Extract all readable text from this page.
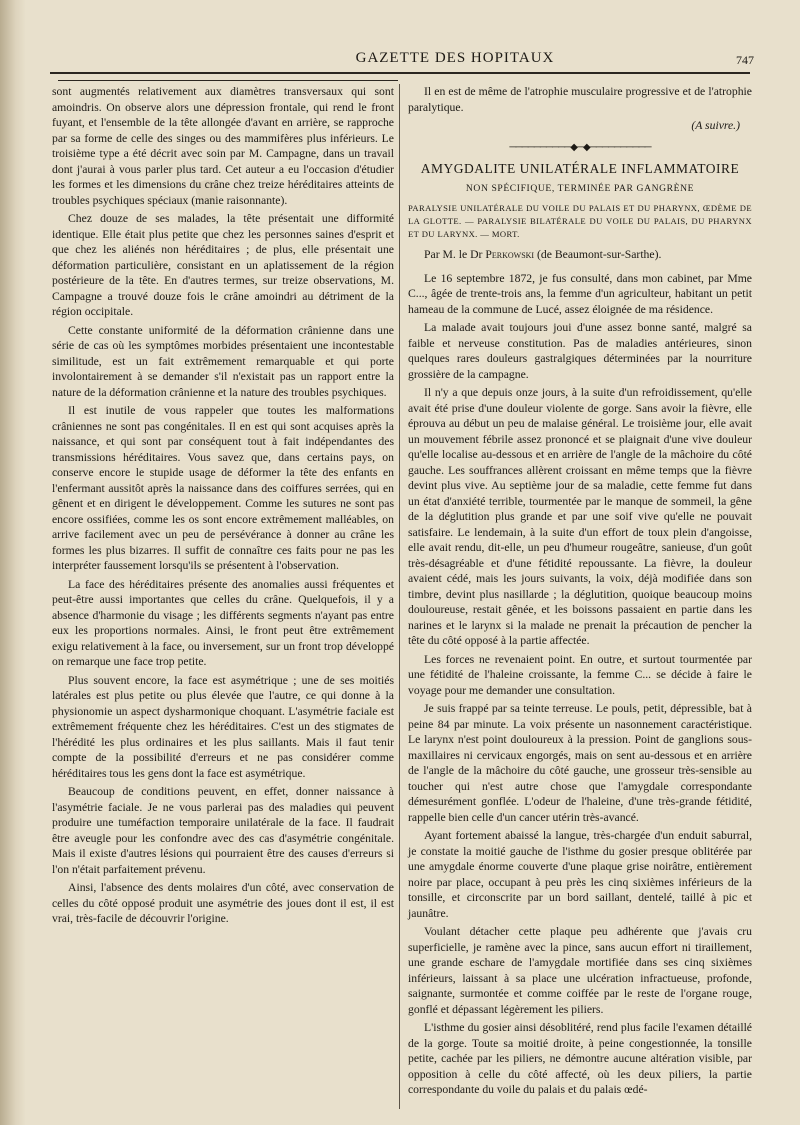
GAZETTE DES HOPITAUX	747

sont augmentés relativement aux diamètres transversaux qui sont amoindris. On observe alors une dépression frontale, qui rend le front fuyant, et l'ensemble de la tête allongée d'avant en arrière, se rapproche par sa forme de celle des singes ou des mammifères plus inférieurs. Le troisième type a été décrit avec soin par M. Campagne, dans un travail dont j'aurai à vous parler plus tard. Cet auteur a eu l'occasion d'étudier les formes et les dimensions du crâne chez treize héréditaires atteints de troubles psychiques spéciaux (manie raisonnante).

Chez douze de ses malades, la tête présentait une difformité identique. Elle était plus petite que chez les personnes saines d'esprit et que chez les aliénés non héréditaires ; de plus, elle présentait une déformation particulière, consistant en un aplatissement de la région postérieure de la tête. En d'autres termes, sur treize observations, M. Campagne a trouvé douze fois le crâne amoindri au détriment de la région occipitale.

Cette constante uniformité de la déformation crânienne dans une série de cas où les symptômes morbides présentaient une incontestable similitude, est un fait extrêmement remarquable et qui porte involontairement à se demander s'il n'existait pas un rapport entre la nature de la déformation crânienne et la nature des troubles psychiques.

Il est inutile de vous rappeler que toutes les malformations crâniennes ne sont pas congénitales. Il en est qui sont acquises après la naissance, et qui sont par conséquent tout à fait indépendantes des transmissions héréditaires. Vous savez que, dans certains pays, on conserve encore le stupide usage de déformer la tête des enfants en l'enfermant aussitôt après la naissance dans des coiffures serrées, qui en gênent et en dirigent le développement. Comme les sutures ne sont pas encore ossifiées, comme les os sont encore extrêmement malléables, on arrive facilement avec un peu de persévérance à donner au crâne les formes les plus bizarres. Il suffit de connaître ces faits pour ne pas les interpréter faussement lorsqu'ils se présentent à l'observation.

La face des héréditaires présente des anomalies aussi fréquentes et peut-être aussi importantes que celles du crâne. Quelquefois, il y a absence d'harmonie du visage ; les différents segments n'ayant pas entre eux les proportions normales. Ainsi, le front peut être extrêmement exigu relativement à la face, ou inversement, sur un front trop développé on remarque une face trop petite.

Plus souvent encore, la face est asymétrique ; une de ses moitiés latérales est plus petite ou plus élevée que l'autre, ce qui donne à la physionomie un aspect dysharmonique choquant. L'asymétrie faciale est extrêmement fréquente chez les héréditaires. C'est un des stigmates de l'hérédité les plus ordinaires et les plus saillants. Mais il faut tenir compte de la possibilité d'erreurs et ne pas considérer comme héréditaires tous les gens dont la face est asymétrique.

Beaucoup de conditions peuvent, en effet, donner naissance à l'asymétrie faciale. Je ne vous parlerai pas des maladies qui peuvent produire une tuméfaction temporaire unilatérale de la face. Il faudrait être aveugle pour les confondre avec des cas d'asymétrie congénitale. Mais il existe d'autres lésions qui pourraient être des causes d'erreurs si l'on n'était parfaitement prévenu.

Ainsi, l'absence des dents molaires d'un côté, avec conservation de celles du côté opposé produit une asymétrie des joues dont il est, il est vrai, très-facile de découvrir l'origine.

Il en est de même de l'atrophie musculaire progressive et de l'atrophie paralytique.

(A suivre.)
──────────◆─◆──────────
AMYGDALITE UNILATÉRALE INFLAMMATOIRE
NON SPÉCIFIQUE, TERMINÉE PAR GANGRÈNE
PARALYSIE UNILATÉRALE DU VOILE DU PALAIS ET DU PHARYNX, ŒDÈME DE LA GLOTTE. — PARALYSIE BILATÉRALE DU VOILE DU PALAIS, DU PHARYNX ET DU LARYNX. — MORT.
Par M. le Dr Perkowski (de Beaumont-sur-Sarthe).

Le 16 septembre 1872, je fus consulté, dans mon cabinet, par Mme C..., âgée de trente-trois ans, la femme d'un agriculteur, habitant un petit hameau de la commune de Lucé, assez éloignée de ma résidence.

La malade avait toujours joui d'une assez bonne santé, malgré sa faible et nerveuse constitution. Pas de maladies antérieures, sinon quelques rares douleurs gastralgiques déterminées par la nourriture grossière de la campagne.

Il n'y a que depuis onze jours, à la suite d'un refroidissement, qu'elle avait été prise d'une douleur violente de gorge. Sans avoir la fièvre, elle éprouva au début un peu de malaise général. Le troisième jour, elle avait un mouvement fébrile assez prononcé et se plaignait d'une vive douleur qu'elle localise au-dessous et en arrière de l'angle de la mâchoire du côté gauche. Les souffrances allèrent croissant en même temps que la fièvre devint plus vive. Au septième jour de sa maladie, cette femme fut dans un état d'anxiété terrible, tourmentée par le manque de sommeil, la gêne de la déglutition plus grande et par une soif vive qu'elle ne pouvait satisfaire. Le lendemain, à la suite d'un effort de toux plein d'angoisse, elle avait rendu, dit-elle, un peu d'humeur rougeâtre, sanieuse, d'un goût très-désagréable et d'une fétidité repoussante. La fièvre, la douleur avaient cédé, mais les jours suivants, la voix, déjà modifiée dans son timbre, devint plus nasillarde ; la déglutition, quoique beaucoup moins douloureuse, restait gênée, et les boissons passaient en partie dans les narines et le larynx si la malade ne prenait la précaution de pencher la tête du côté opposé à la partie affectée.

Les forces ne revenaient point. En outre, et surtout tourmentée par une fétidité de l'haleine croissante, la femme C... se décide à faire le voyage pour me demander une consultation.

Je suis frappé par sa teinte terreuse. Le pouls, petit, dépressible, bat à peine 84 par minute. La voix présente un nasonnement caractéristique. Le larynx n'est point douloureux à la pression. Point de ganglions sous-maxillaires ni cervicaux engorgés, mais on sent au-dessous et en arrière de l'angle de la mâchoire du côté gauche, une grosseur très-sensible au toucher qui n'est autre chose que l'amygdale correspondante démesurément gonflée. L'odeur de l'haleine, d'une très-grande fétidité, rappelle bien celle d'un cancer utérin très-avancé.

Ayant fortement abaissé la langue, très-chargée d'un enduit saburral, je constate la moitié gauche de l'isthme du gosier presque oblitérée par une amygdale énorme couverte d'une plaque grise noirâtre, entièrement noire par place, occupant à peu près les cinq sixièmes inférieurs de la tonsille, et circonscrite par un bord saillant, dentelé, taillé à pic et jaunâtre.

Voulant détacher cette plaque peu adhérente que j'avais cru superficielle, je ramène avec la pince, sans aucun effort ni tiraillement, une grande eschare de l'amygdale mortifiée dans ses cinq sixièmes inférieurs, laissant à sa place une ulcération infractueuse, profonde, saignante, surmontée et comme coiffée par le reste de l'organe rouge, gonflé et dépassant légèrement les piliers.

L'isthme du gosier ainsi désoblitéré, rend plus facile l'examen détaillé de la gorge. Toute sa moitié droite, à peine congestionnée, la tonsille petite, cachée par les piliers, ne démontre aucune altération visible, par opposition à celle du côté affecté, où les deux piliers, la partie correspondante du voile du palais et du palais œdé-
